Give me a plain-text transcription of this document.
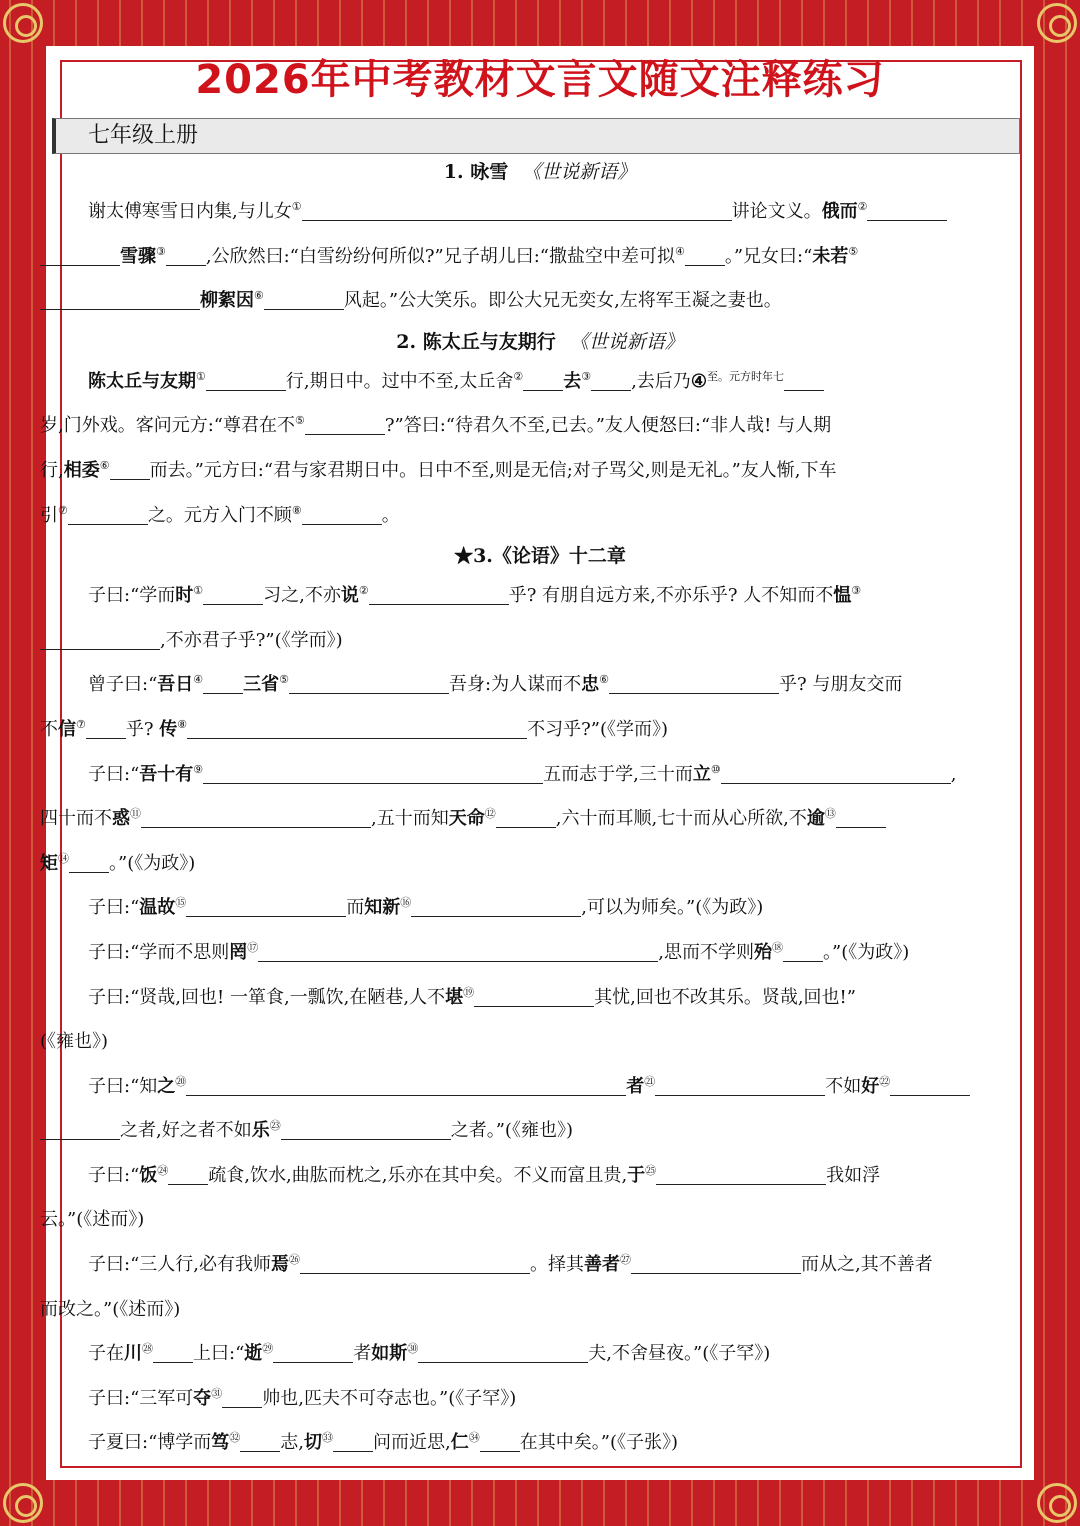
2026年中考教材文言文随文注释练习
七年级上册
1. 咏雪 《世说新语》

谢太傅寒雪日内集,与儿女①	讲论文义。俄而②

雪骤③ ,公欣然曰:“白雪纷纷何所似?”兄子胡儿曰:“撒盐空中差可拟④ 。”兄女曰:“未若⑤

柳絮因⑥	风起。”公大笑乐。即公大兄无奕女,左将军王凝之妻也。

2. 陈太丘与友期行 《世说新语》

陈太丘与友期①	行,期日中。过中不至,太丘舍② 去③ ,去后乃④$^{至。元方时年七}$

岁,门外戏。客问元方:“尊君在不⑤	?”答曰:“待君久不至,已去。”友人便怒曰:“非人哉! 与人期

行,相委⑥ 而去。”元方曰:“君与家君期日中。日中不至,则是无信;对子骂父,则是无礼。”友人惭,下车

引⑦	之。元方入门不顾⑧	。

★3.《论语》十二章

子曰:“学而时①	习之,不亦说②	乎? 有朋自远方来,不亦乐乎? 人不知而不愠③

,不亦君子乎?”(《学而》)

曾子曰:“吾日④ 三省⑤	吾身:为人谋而不忠⑥	乎? 与朋友交而

不信⑦ 乎? 传⑧	不习乎?”(《学而》)

子曰:“吾十有⑨	五而志于学,三十而立⑩	,

四十而不惑⑪	,五十而知天命⑫	,六十而耳顺,七十而从心所欲,不逾⑬

矩⑭ 。”(《为政》)

子曰:“温故⑮	而知新⑯	,可以为师矣。”(《为政》)

子曰:“学而不思则罔⑰	,思而不学则殆⑱ 。”(《为政》)

子曰:“贤哉,回也! 一箪食,一瓢饮,在陋巷,人不堪⑲	其忧,回也不改其乐。贤哉,回也!”

(《雍也》)

子曰:“知之⑳	者$^㉑$	不如好$^㉒$

之者,好之者不如乐$^㉓$	之者。”(《雍也》)

子曰:“饭$^㉔$ 疏食,饮水,曲肱而枕之,乐亦在其中矣。不义而富且贵,于$^㉕$	我如浮

云。”(《述而》)

子曰:“三人行,必有我师焉$^㉖$	。择其善者$^㉗$	而从之,其不善者

而改之。”(《述而》)

子在川$^㉘$ 上曰:“逝$^㉙$	者如斯$^㉚$	夫,不舍昼夜。”(《子罕》)

子曰:“三军可夺$^㉛$ 帅也,匹夫不可夺志也。”(《子罕》)

子夏曰:“博学而笃$^㉜$ 志,切$^㉝$ 问而近思,仁$^㉞$ 在其中矣。”(《子张》)
